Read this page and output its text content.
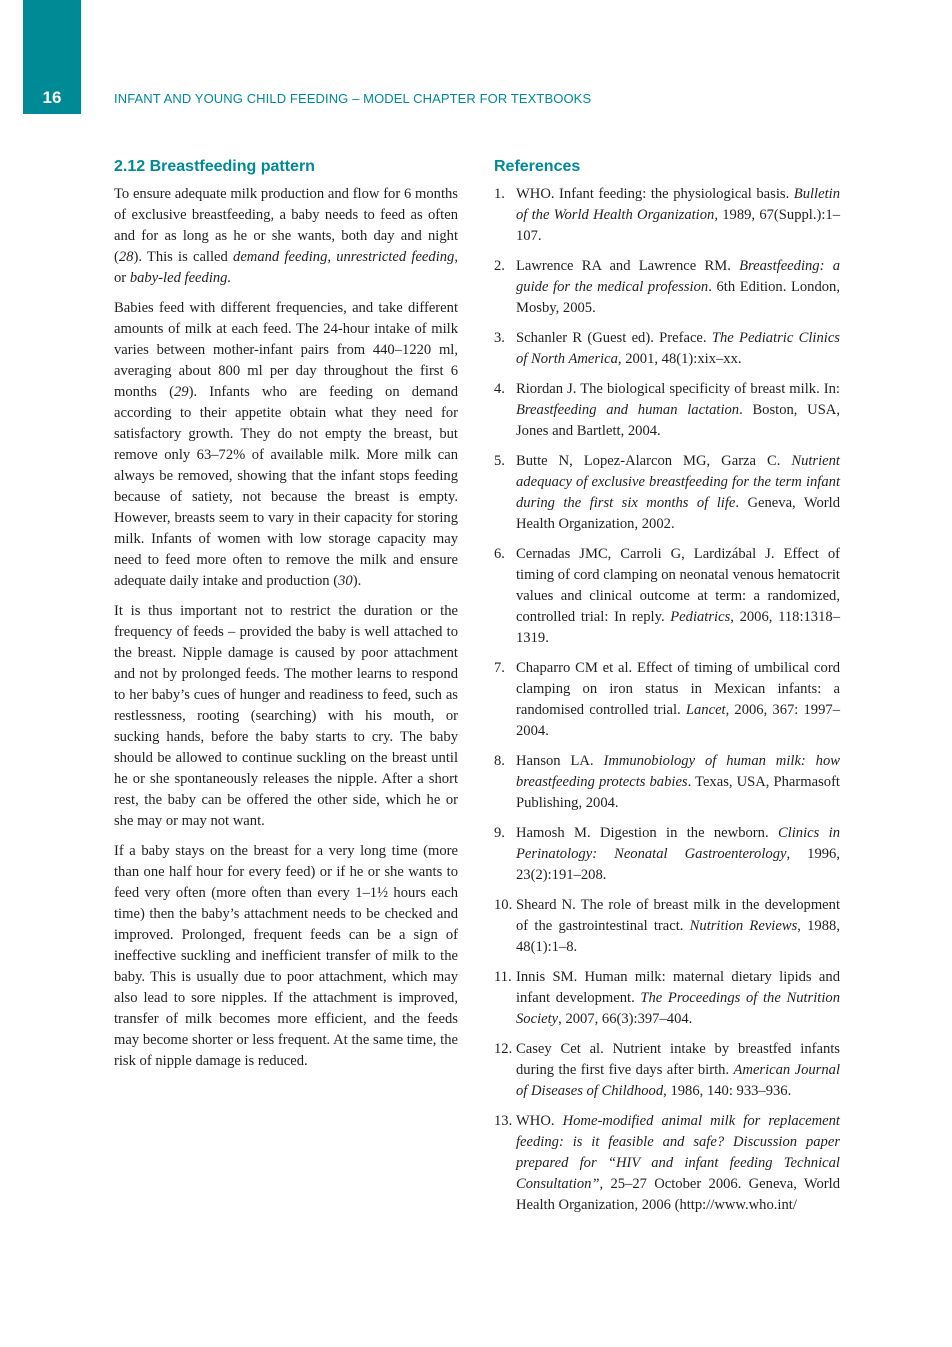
16	INFANT AND YOUNG CHILD FEEDING – MODEL CHAPTER FOR TEXTBOOKS
2.12 Breastfeeding pattern

To ensure adequate milk production and flow for 6 months of exclusive breastfeeding, a baby needs to feed as often and for as long as he or she wants, both day and night (28). This is called demand feeding, unrestricted feeding, or baby-led feeding.

Babies feed with different frequencies, and take different amounts of milk at each feed. The 24-hour intake of milk varies between mother-infant pairs from 440–1220 ml, averaging about 800 ml per day throughout the first 6 months (29). Infants who are feeding on demand according to their appetite obtain what they need for satisfactory growth. They do not empty the breast, but remove only 63–72% of available milk. More milk can always be removed, showing that the infant stops feeding because of satiety, not because the breast is empty. However, breasts seem to vary in their capacity for storing milk. Infants of women with low storage capacity may need to feed more often to remove the milk and ensure adequate daily intake and production (30).

It is thus important not to restrict the duration or the frequency of feeds – provided the baby is well attached to the breast. Nipple damage is caused by poor attachment and not by prolonged feeds. The mother learns to respond to her baby’s cues of hunger and readiness to feed, such as restlessness, rooting (searching) with his mouth, or sucking hands, before the baby starts to cry. The baby should be allowed to continue suckling on the breast until he or she spontaneously releases the nipple. After a short rest, the baby can be offered the other side, which he or she may or may not want.

If a baby stays on the breast for a very long time (more than one half hour for every feed) or if he or she wants to feed very often (more often than every 1–1½ hours each time) then the baby’s attachment needs to be checked and improved. Prolonged, frequent feeds can be a sign of ineffective suckling and inefficient transfer of milk to the baby. This is usually due to poor attachment, which may also lead to sore nipples. If the attachment is improved, transfer of milk becomes more efficient, and the feeds may become shorter or less frequent. At the same time, the risk of nipple damage is reduced.

References
1. WHO. Infant feeding: the physiological basis. Bulletin of the World Health Organization, 1989, 67(Suppl.):1–107.
2. Lawrence RA and Lawrence RM. Breastfeeding: a guide for the medical profession. 6th Edition. London, Mosby, 2005.
3. Schanler R (Guest ed). Preface. The Pediatric Clinics of North America, 2001, 48(1):xix–xx.
4. Riordan J. The biological specificity of breast milk. In: Breastfeeding and human lactation. Boston, USA, Jones and Bartlett, 2004.
5. Butte N, Lopez-Alarcon MG, Garza C. Nutrient adequacy of exclusive breastfeeding for the term infant during the first six months of life. Geneva, World Health Organization, 2002.
6. Cernadas JMC, Carroli G, Lardizábal J. Effect of timing of cord clamping on neonatal venous hematocrit values and clinical outcome at term: a randomized, controlled trial: In reply. Pediatrics, 2006, 118:1318–1319.
7. Chaparro CM et al. Effect of timing of umbilical cord clamping on iron status in Mexican infants: a randomised controlled trial. Lancet, 2006, 367: 1997–2004.
8. Hanson LA. Immunobiology of human milk: how breastfeeding protects babies. Texas, USA, Pharmasoft Publishing, 2004.
9. Hamosh M. Digestion in the newborn. Clinics in Perinatology: Neonatal Gastroenterology, 1996, 23(2):191–208.
10. Sheard N. The role of breast milk in the development of the gastrointestinal tract. Nutrition Reviews, 1988, 48(1):1–8.
11. Innis SM. Human milk: maternal dietary lipids and infant development. The Proceedings of the Nutrition Society, 2007, 66(3):397–404.
12. Casey Cet al. Nutrient intake by breastfed infants during the first five days after birth. American Journal of Diseases of Childhood, 1986, 140: 933–936.
13. WHO. Home-modified animal milk for replacement feeding: is it feasible and safe? Discussion paper prepared for “HIV and infant feeding Technical Consultation”, 25–27 October 2006. Geneva, World Health Organization, 2006 (http://www.who.int/
